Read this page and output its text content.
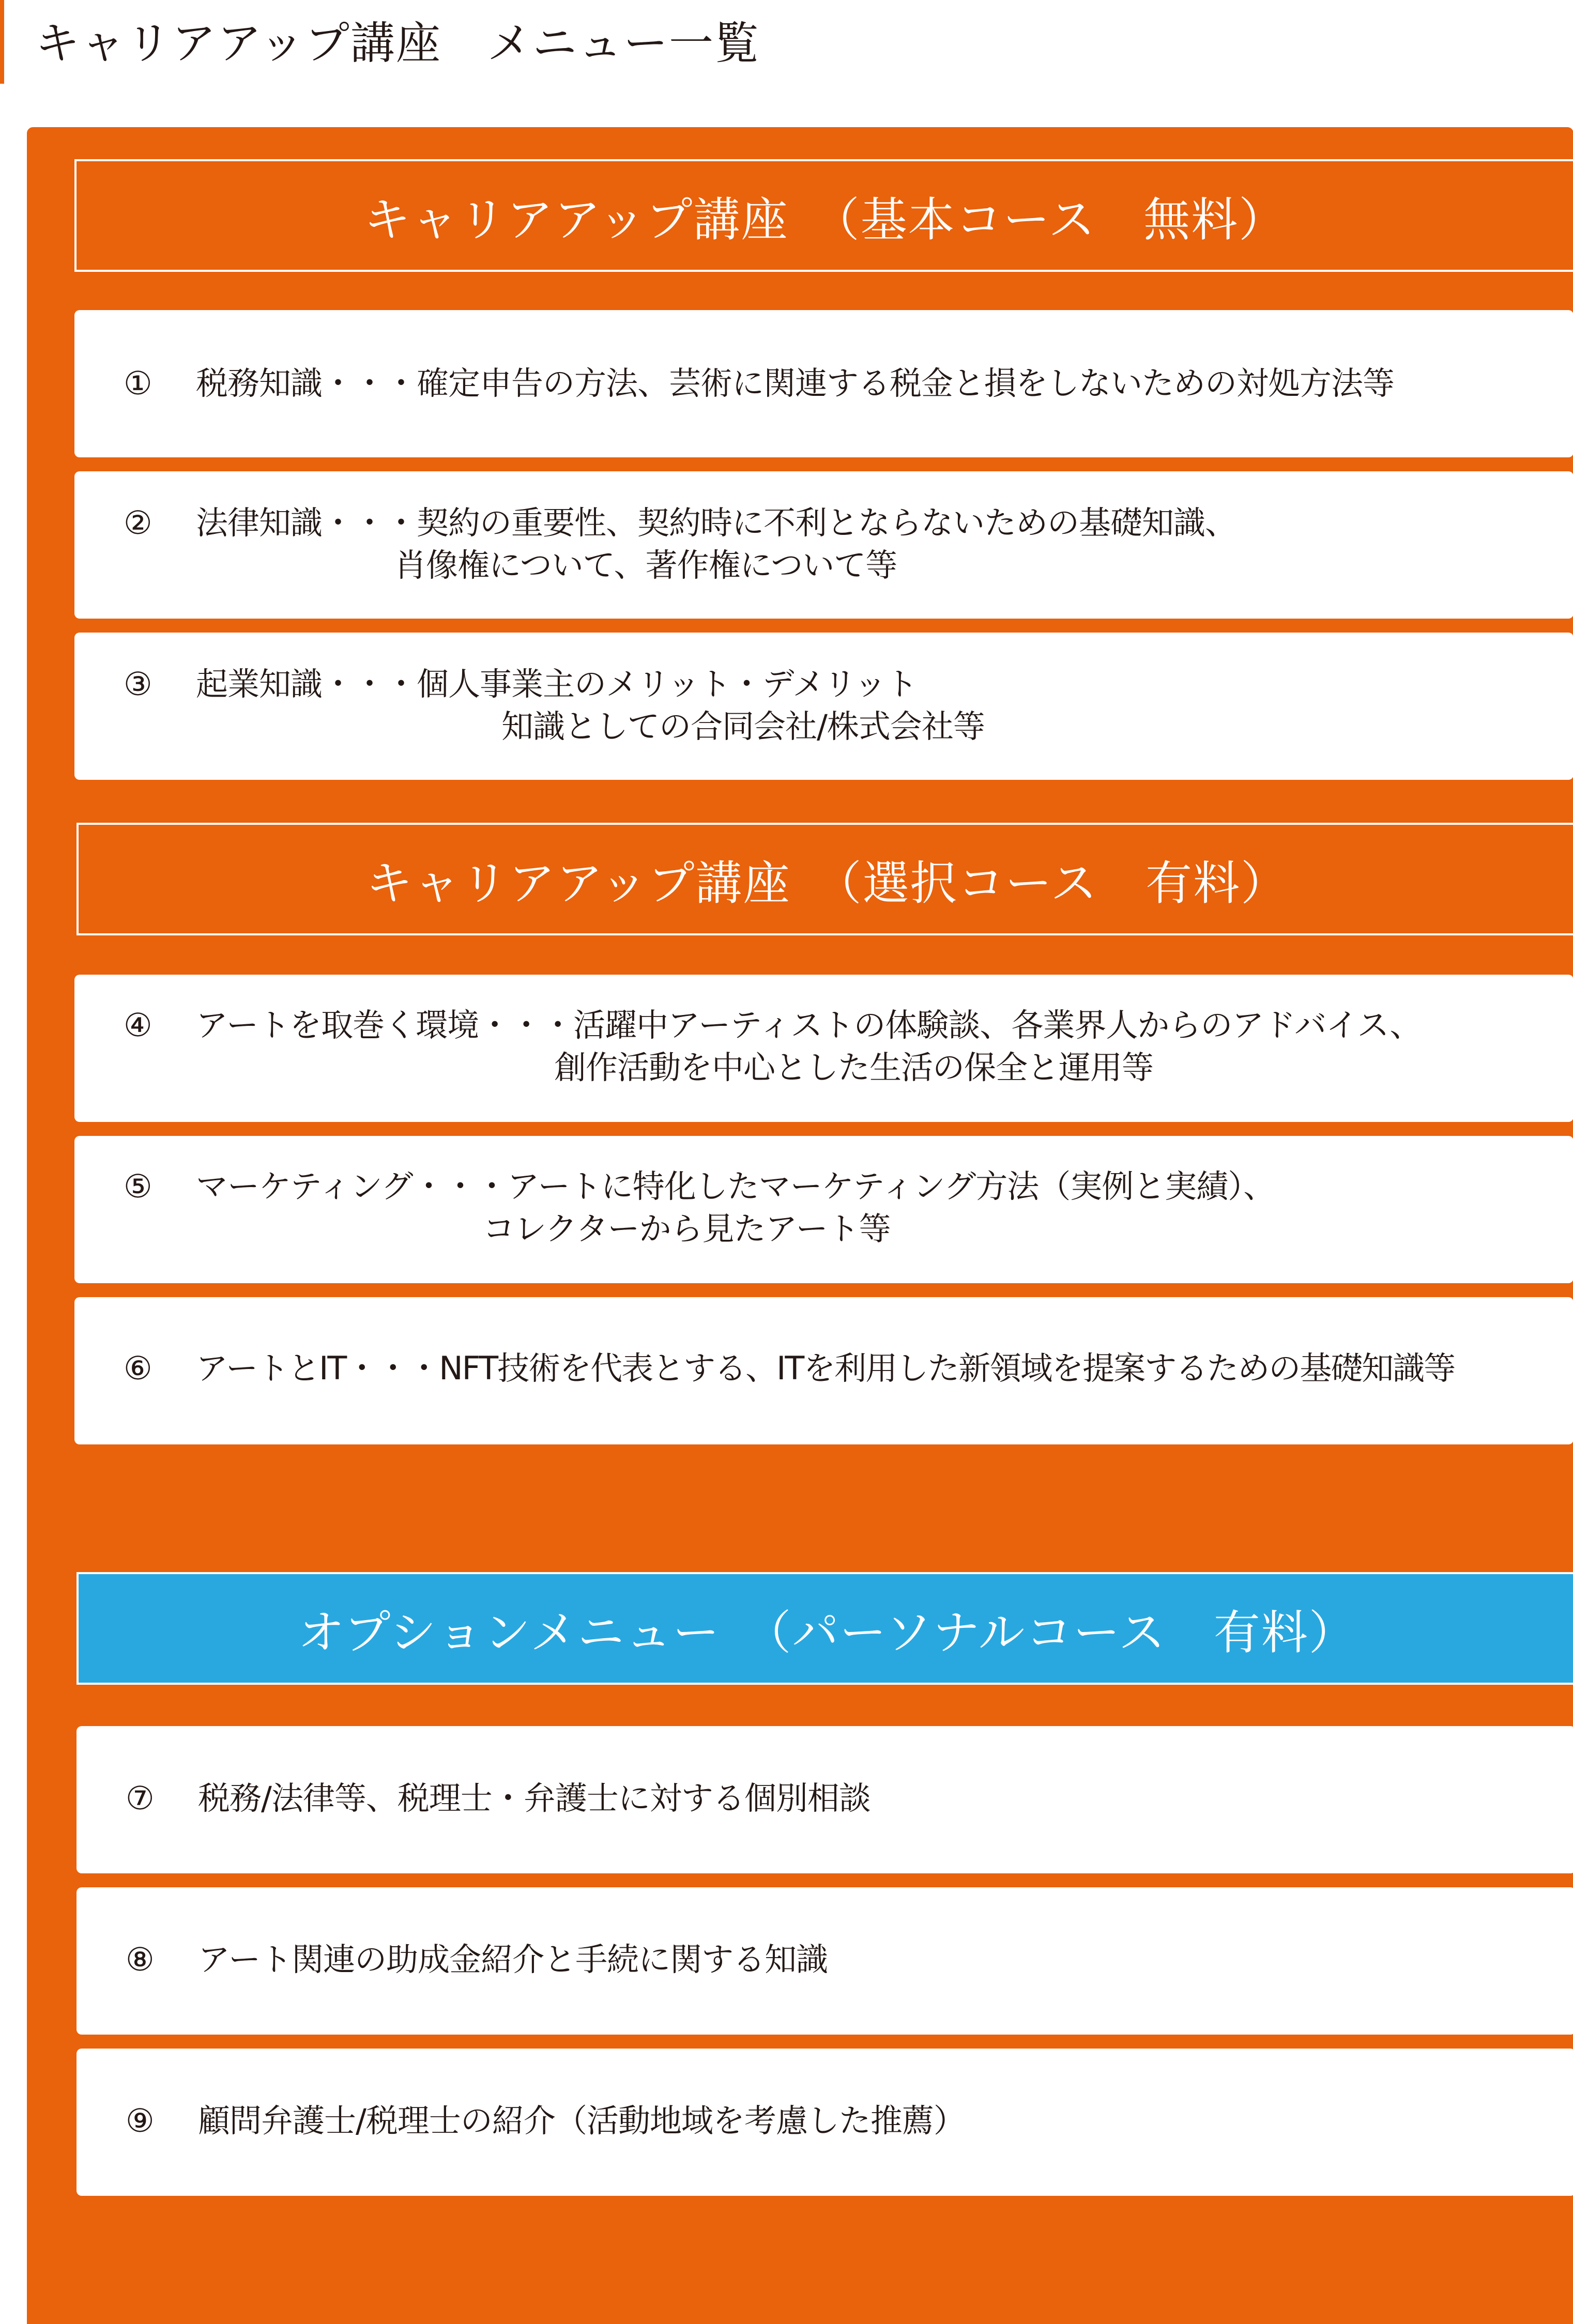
キャリアアップ講座　メニュー一覧
キャリアアップ講座　（基本コース　無料）
① 税務知識・・・確定申告の方法、芸術に関連する税金と損をしないための対処方法等
② 法律知識・・・契約の重要性、契約時に不利とならないための基礎知識、
肖像権について、著作権について等
③ 起業知識・・・個人事業主のメリット・デメリット
知識としての合同会社/株式会社等
キャリアアップ講座　（選択コース　有料）
④ アートを取巻く環境・・・活躍中アーティストの体験談、各業界人からのアドバイス、
創作活動を中心とした生活の保全と運用等
⑤ マーケティング・・・アートに特化したマーケティング方法（実例と実績）、
コレクターから見たアート等
⑥ アートとIT・・・NFT技術を代表とする、ITを利用した新領域を提案するための基礎知識等
オプションメニュー　（パーソナルコース　有料）
⑦ 税務/法律等、税理士・弁護士に対する個別相談
⑧ アート関連の助成金紹介と手続に関する知識
⑨ 顧問弁護士/税理士の紹介（活動地域を考慮した推薦）
